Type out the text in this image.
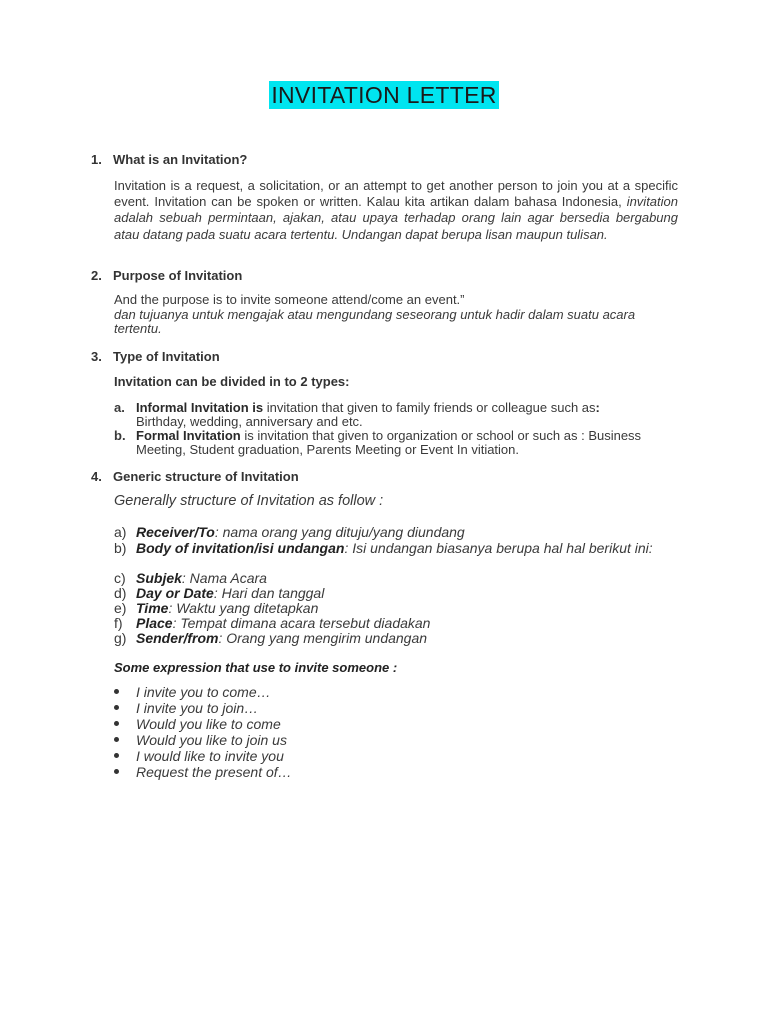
INVITATION LETTER
1. What is an Invitation?
Invitation is a request, a solicitation, or an attempt to get another person to join you at a specific event. Invitation can be spoken or written. Kalau kita artikan dalam bahasa Indonesia, invitation adalah sebuah permintaan, ajakan, atau upaya terhadap orang lain agar bersedia bergabung atau datang pada suatu acara tertentu. Undangan dapat berupa lisan maupun tulisan.
2. Purpose of Invitation
And the purpose is to invite someone attend/come an event.”
dan tujuanya untuk mengajak atau mengundang seseorang untuk hadir dalam suatu acara tertentu.
3. Type of Invitation
Invitation can be divided in to 2 types:
a. Informal Invitation is invitation that given to family friends or colleague such as:
Birthday, wedding, anniversary and etc.
b. Formal Invitation is invitation that given to organization or school or such as : Business Meeting, Student graduation, Parents Meeting or Event In vitiation.
4. Generic structure of Invitation
Generally structure of Invitation as follow :
a) Receiver/To: nama orang yang dituju/yang diundang
b) Body of invitation/isi undangan: Isi undangan biasanya berupa hal hal berikut ini:
c) Subjek: Nama Acara
d) Day or Date: Hari dan tanggal
e) Time: Waktu yang ditetapkan
f) Place: Tempat dimana acara tersebut diadakan
g) Sender/from: Orang yang mengirim undangan
Some expression that use to invite someone :
I invite you to come…
I invite you to join…
Would you like to come
Would you like to join us
I would like to invite you
Request the present of…
